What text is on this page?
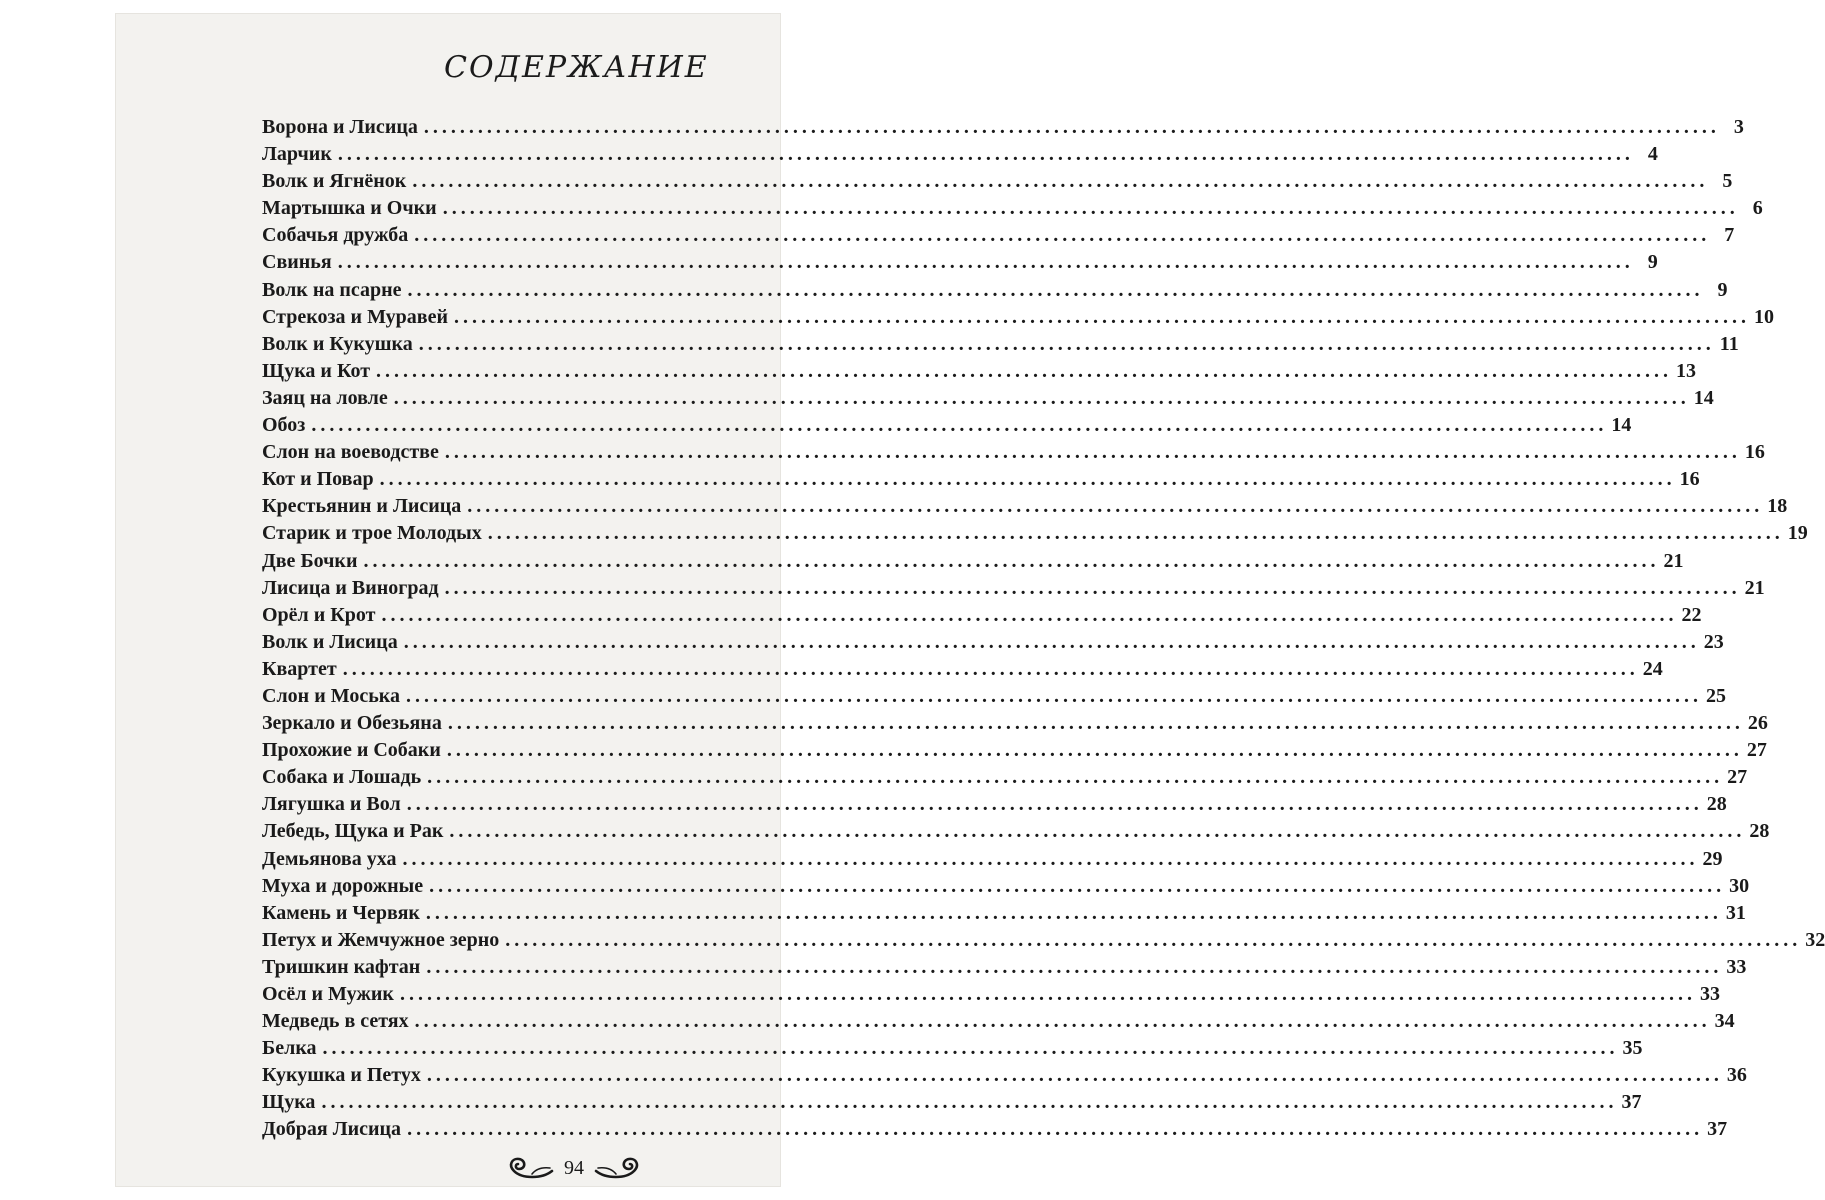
СОДЕРЖАНИЕ
Ворона и Лисица .....	3
Ларчик .....	4
Волк и Ягнёнок .....	5
Мартышка и Очки .....	6
Собачья дружба .....	7
Свинья .....	9
Волк на псарне .....	9
Стрекоза и Муравей .....	10
Волк и Кукушка .....	11
Щука и Кот .....	13
Заяц на ловле .....	14
Обоз .....	14
Слон на воеводстве .....	16
Кот и Повар .....	16
Крестьянин и Лисица .....	18
Старик и трое Молодых .....	19
Две Бочки .....	21
Лисица и Виноград .....	21
Орёл и Крот .....	22
Волк и Лисица .....	23
Квартет .....	24
Слон и Моська .....	25
Зеркало и Обезьяна .....	26
Прохожие и Собаки .....	27
Собака и Лошадь .....	27
Лягушка и Вол .....	28
Лебедь, Щука и Рак .....	28
Демьянова уха .....	29
Муха и дорожные .....	30
Камень и Червяк .....	31
Петух и Жемчужное зерно .....	32
Тришкин кафтан .....	33
Осёл и Мужик .....	33
Медведь в сетях .....	34
Белка .....	35
Кукушка и Петух .....	36
Щука .....	37
Добрая Лисица .....	37
94
